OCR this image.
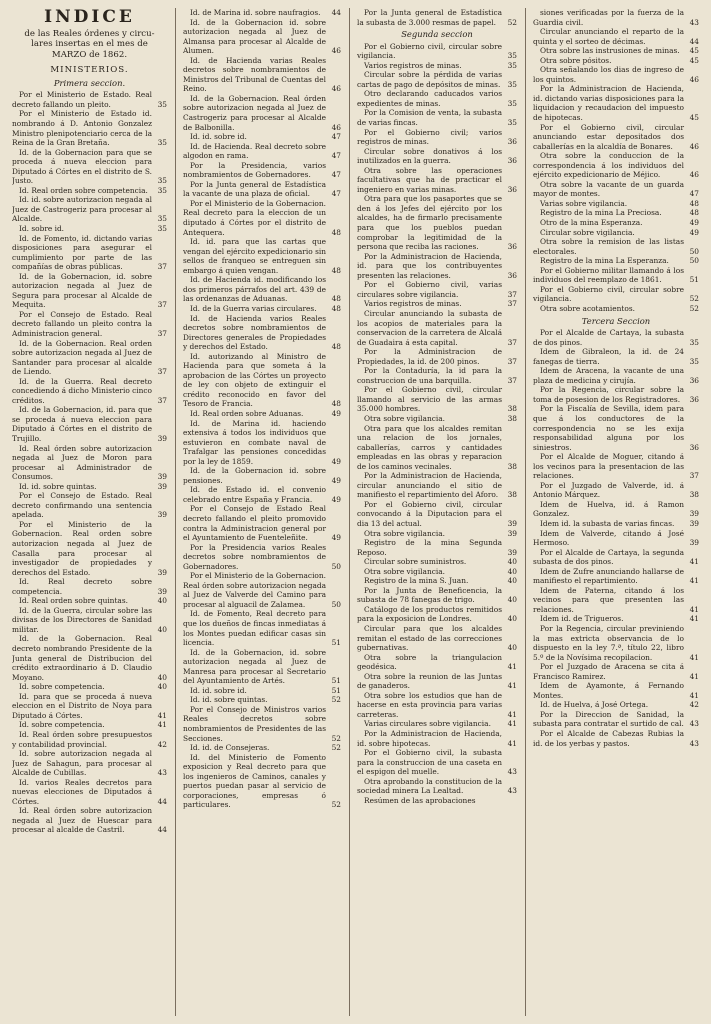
INDICE
de las Reales órdenes y circu-
lares insertas en el mes de
MARZO de 1862.
MINISTERIOS.
Primera seccion.
Por el Ministerio de Estado. Real decreto fallando un pleito.	35
Por el Ministerio de Estado id. nombrando á D. Antonio Gonzalez Ministro plenipotenciario cerca de la Reina de la Gran Bretaña.	35
Id. de la Gobernacion para que se proceda á nueva eleccion para Diputado á Córtes en el distrito de S. Justo.	35
Id. Real orden sobre competencia. 35
Id. id. sobre autorizacion negada al Juez de Castrogeriz para procesar al Alcalde.	35
Id. sobre id.	35
Id. de Fomento, id. dictando varias disposiciones para asegurar el cumplimiento por parte de las compañías de obras públicas.	37
Id. de la Gobernacion, id. sobre autorizacion negada al Juez de Segura para procesar al Alcalde de Mequita.	37
Por el Consejo de Estado. Real decreto fallando un pleito contra la Administracion general.	37
Id. de la Gobernacion. Real orden sobre autorizacion negada al Juez de Santander para procesar al alcalde de Liendo.	37
Id. de la Guerra. Real decreto concediendo á dicho Ministerio cinco créditos.	37
Id. de la Gobernacion, id. para que se proceda á nueva eleccion para Diputado á Córtes en el distrito de Trujillo.	39
Id. Real órden sobre autorizacion negada al Juez de Moron para procesar al Administrador de Consumos.	39
Id. id. sobre quintas.	39
Por el Consejo de Estado. Real decreto confirmando una sentencia apelada.	39
Por el Ministerio de la Gobernacion. Real orden sobre autorizacion negada al Juez de Casalla para procesar al investigador de propiedades y derechos del Estado.	39
Id. Real decreto sobre competencia.	39
Id. Real orden sobre quintas.	40
Id. de la Guerra, circular sobre las divisas de los Directores de Sanidad militar.	40
Id. de la Gobernacion. Real decreto nombrando Presidente de la Junta general de Distribucion del crédito extraordinario á D. Claudio Moyano.	40
Id. sobre competencia.	40
Id. para que se proceda á nueva eleccion en el Distrito de Noya para Diputado á Córtes.	41
Id. sobre competencia.	41
Id. Real órden sobre presupuestos y contabilidad provincial.	42
Id. sobre autorizacion negada al Juez de Sahagun, para procesar al Alcalde de Cubillas.	43
Id. varios Reales decretos para nuevas elecciones de Diputados á Córtes.	44
Id. Real órden sobre autorizacion negada al Juez de Huescar para procesar al alcalde de Castril.	44
Id. de Marina id. sobre naufragios. 44
Id. de la Gobernacion id. sobre autorizacion negada al Juez de Almansa para procesar al Alcalde de Alumen.	46
Id. de Hacienda varias Reales decretos sobre nombramientos de Ministros del Tribunal de Cuentas del Reino.	46
Id. de la Gobernacion. Real órden sobre autorizacion negada al Juez de Castrogeriz para procesar al Alcalde de Balbonilla.	46
Id. id. sobre id.	47
Id. de Hacienda. Real decreto sobre algodon en rama.	47
Por la Presidencia, varios nombramientos de Gobernadores.	47
Por la Junta general de Estadística la vacante de una plaza de oficial.	47
Por el Ministerio de la Gobernacion. Real decreto para la eleccion de un diputado á Córtes por el distrito de Antequera.	48
Id. id. para que las cartas que vengan del ejército expedicionario sin sellos de franqueo se entreguen sin embargo á quien vengan.	48
Id. de Hacienda id. modificando los dos primeros párrafos del art. 439 de las ordenanzas de Aduanas.	48
Id. de la Guerra varias circulares. 48
Id. de Hacienda varios Reales decretos sobre nombramientos de Directores generales de Propiedades y derechos del Estado.	48
Id. autorizando al Ministro de Hacienda para que someta á la aprobacion de las Córtes un proyecto de ley con objeto de extinguir el crédito reconocido en favor del Tesoro de Francia.	48
Id. Real orden sobre Aduanas.	49
Id. de Marina id. haciendo extensiva á todos los individuos que estuvieron en combate naval de Trafalgar las pensiones concedidas por la ley de 1859.	49
Id. de la Gobernacion id. sobre pensiones.	49
Id. de Estado id. el convenio celebrado entre España y Francia.	49
Por el Consejo de Estado Real decreto fallando el pleito promovido contra la Administracion general por el Ayuntamiento de Fuenteleñite.	49
Por la Presidencia varios Reales decretos sobre nombramientos de Gobernadores.	50
Por el Ministerio de la Gobernacion. Real órden sobre autorizacion negada al Juez de Valverde del Camino para procesar al alguacil de Zalamea.	50
Id. de Fomento, Real decreto para que los dueños de fincas inmediatas á los Montes puedan edificar casas sin licencia.	51
Id. de la Gobernacion, id. sobre autorizacion negada al Juez de Manresa para procesar al Secretario del Ayuntamiento de Artés.	51
Id. id. sobre id.	51
Id. id. sobre quintas.	52
Por el Consejo de Ministros varios Reales decretos sobre nombramientos de Presidentes de las Secciones.	52
Id. id. de Consejeras.	52
Id. del Ministerio de Fomento exposicion y Real decreto para que los ingenieros de Caminos, canales y puertos puedan pasar al servicio de corporaciones, empresas ó particulares.	52
Por la Junta general de Estadística la subasta de 3.000 resmas de papel. 52
Segunda seccion
Por el Gobierno civil, circular sobre vigilancia.	35
Varios registros de minas.	35
Circular sobre la pérdida de varias cartas de pago de depósitos de minas. 35
Otro declarando caducados varios expedientes de minas.	35
Por la Comision de venta, la subasta de varias fincas.	35
Por el Gobierno civil; varios registros de minas.	36
Circular sobre donativos á los inutilizados en la guerra.	36
Otra sobre las operaciones facultativas que ha de practicar el ingeniero en varias minas.	36
Otra para que los pasaportes que se den á los Jefes del ejército por los alcaldes, ha de firmarlo precisamente para que los pueblos puedan comprobar la legitimidad de la persona que reciba las raciones.	36
Por la Administracion de Hacienda, id. para que los contribuyentes presenten las relaciones.	36
Por el Gobierno civil, varias circulares sobre vigilancia.	37
Varios registros de minas.	37
Circular anunciando la subasta de los acopios de materiales para la conservacion de la carretera de Alcalá de Guadaira á esta capital.	37
Por la Administracion de Propiedades, la id. de 200 pinos.	37
Por la Contaduría, la id para la construccion de una barquilla.	37
Por el Gobierno civil, circular llamando al servicio de las armas 35.000 hombres.	38
Otra sobre vigilancia.	38
Otra para que los alcaldes remitan una relacion de los jornales, caballerías, carros y cantidades empleadas en las obras y reparacion de los caminos vecinales.	38
Por la Administracion de Hacienda, circular anunciando el sitio de manifiesto el repartimiento del Aforo. 38
Por el Gobierno civil, circular convocando á la Diputacion para el dia 13 del actual.	39
Otra sobre vigilancia.	39
Registro de la mina Segunda Reposo.	39
Circular sobre suministros.	40
Otra sobre vigilancia.	40
Registro de la mina S. Juan.	40
Por la Junta de Beneficencia, la subasta de 78 fanegas de trigo.	40
Catálogo de los productos remitidos para la exposicion de Londres.	40
Circular para que los alcaldes remitan el estado de las correcciones gubernativas.	40
Otra sobre la triangulacion geodésica.	41
Otra sobre la reunion de las Juntas de ganaderos.	41
Otra sobre los estudios que han de hacerse en esta provincia para varias carreteras.	41
Varias circulares sobre vigilancia. 41
Por la Administracion de Hacienda, id. sobre hipotecas.	41
Por el Gobierno civil, la subasta para la construccion de una caseta en el espigon del muelle.	43
Otra aprobando la constitucion de la sociedad minera La Lealtad.	43
Resúmen de las aprobaciones
siones verificadas por la fuerza de la Guardia civil.	43
Circular anunciando el reparto de la quinta y el sorteo de décimas.	44
Otra sobre las instrusiones de minas. 45
Otra sobre pósitos.	45
Otra señalando los dias de ingreso de los quintos.	46
Por la Administracion de Hacienda, id. dictando varias disposiciones para la liquidacion y recaudacion del impuesto de hipotecas.	45
Por el Gobierno civil, circular anunciando estar depositados dos caballerías en la alcaldía de Bonares. 46
Otra sobre la conduccion de la correspondencia á los individuos del ejército expedicionario de Méjico.	46
Otra sobre la vacante de un guarda mayor de montes.	47
Varias sobre vigilancia.	48
Registro de la mina La Preciosa.	48
Otro de la mina Esperanza.	49
Circular sobre vigilancia.	49
Otra sobre la remision de las listas electorales.	50
Registro de la mina La Esperanza.	50
Por el Gobierno militar llamando á los individuos del reemplazo de 1861.	51
Por el Gobierno civil, circular sobre vigilancia.	52
Otra sobre acotamientos.	52
Tercera Seccion
Por el Alcalde de Cartaya, la subasta de dos pinos.	35
Idem de Gibraleon, la id. de 24 fanegas de tierra.	35
Idem de Aracena, la vacante de una plaza de medicina y cirujía.	36
Por la Regencia, circular sobre la toma de posesion de los Registradores. 36
Por la Fiscalía de Sevilla, idem para que á los conductores de la correspondencia no se les exija responsabilidad alguna por los siniestros.	36
Por el Alcalde de Moguer, citando á los vecinos para la presentacion de las relaciones.	37
Por el Juzgado de Valverde, id. á Antonio Márquez.	38
Idem de Huelva, id. á Ramon Gonzalez.	39
Idem id. la subasta de varias fincas. 39
Idem de Valverde, citando á José Hermoso.	39
Por el Alcalde de Cartaya, la segunda subasta de dos pinos.	41
Idem de Zufre anunciando hallarse de manifiesto el repartimiento.	41
Idem de Paterna, citando á los vecinos para que presenten las relaciones.	41
Idem id. de Trigueros.	41
Por la Regencia, circular previniendo la mas extricta observancia de lo dispuesto en la ley 7.ª, título 22, libro 5.º de la Novísima recopilacion.	41
Por el Juzgado de Aracena se cita á Francisco Ramirez.	41
Idem de Ayamonte, á Fernando Montes.	41
Id. de Huelva, á José Ortega.	42
Por la Direccion de Sanidad, la subasta para contratar el surtido de cal. 43
Por el Alcalde de Cabezas Rubias la id. de los yerbas y pastos.	43
